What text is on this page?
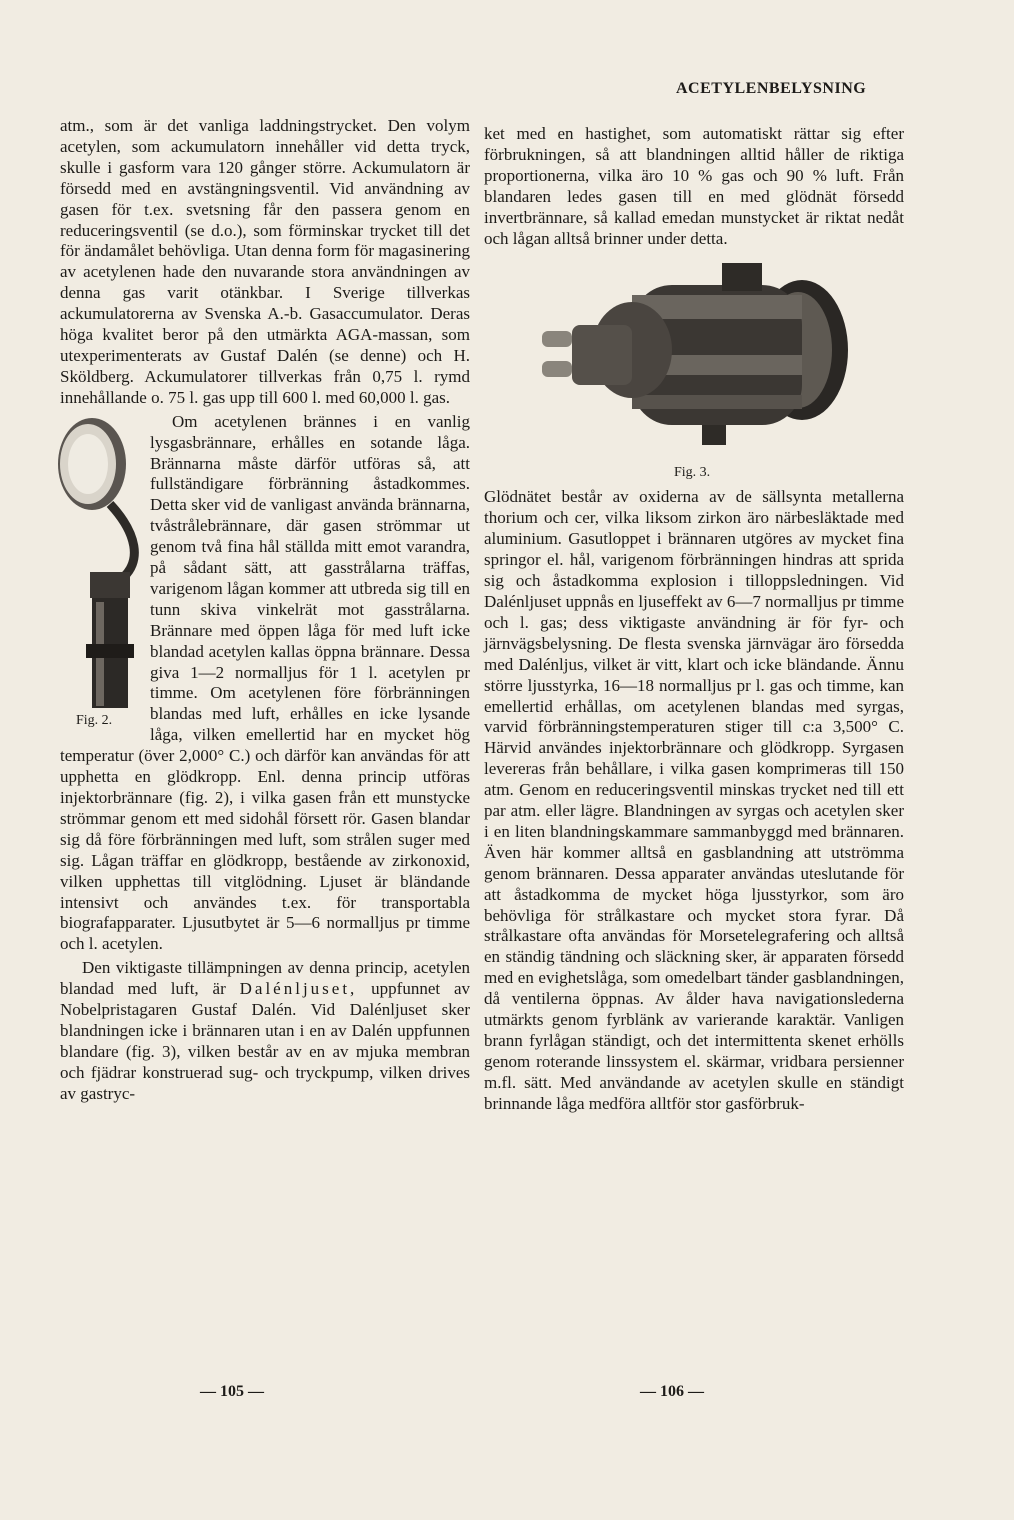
ACETYLENBELYSNING

atm., som är det vanliga laddningstrycket. Den volym acetylen, som ackumulatorn innehåller vid detta tryck, skulle i gasform vara 120 gånger större. Ackumulatorn är försedd med en avstängningsventil. Vid användning av gasen för t.ex. svetsning får den passera genom en reduceringsventil (se d.o.), som förminskar trycket till det för ändamålet behövliga. Utan denna form för magasinering av acetylenen hade den nuvarande stora användningen av denna gas varit otänkbar. I Sverige tillverkas ackumulatorerna av Svenska A.-b. Gasaccumulator. Deras höga kvalitet beror på den utmärkta AGA-massan, som utexperimenterats av Gustaf Dalén (se denne) och H. Sköldberg. Ackumulatorer tillverkas från 0,75 l. rymd innehållande o. 75 l. gas upp till 600 l. med 60,000 l. gas.

Fig. 2.
Om acetylenen brännes i en vanlig lysgasbrännare, erhålles en sotande låga. Brännarna måste därför utföras så, att fullständigare förbränning åstadkommes. Detta sker vid de vanligast använda brännarna, tvåstrålebrännare, där gasen strömmar ut genom två fina hål ställda mitt emot varandra, på sådant sätt, att gasstrålarna träffas, varigenom lågan kommer att utbreda sig till en tunn skiva vinkelrät mot gasstrålarna. Brännare med öppen låga för med luft icke blandad acetylen kallas öppna brännare. Dessa giva 1—2 normalljus för 1 l. acetylen pr timme. Om acetylenen före förbränningen blandas med luft, erhålles en icke lysande låga, vilken emellertid har en mycket hög temperatur (över 2,000° C.) och därför kan användas för att upphetta en glödkropp. Enl. denna princip utföras injektorbrännare (fig. 2), i vilka gasen från ett munstycke strömmar genom ett med sidohål försett rör. Gasen blandar sig då före förbränningen med luft, som strålen suger med sig. Lågan träffar en glödkropp, bestående av zirkonoxid, vilken upphettas till vitglödning. Ljuset är bländande intensivt och användes t.ex. för transportabla biografapparater. Ljusutbytet är 5—6 normalljus pr timme och l. acetylen.

Den viktigaste tillämpningen av denna princip, acetylen blandad med luft, är Dalénljuset, uppfunnet av Nobelpristagaren Gustaf Dalén. Vid Dalénljuset sker blandningen icke i brännaren utan i en av Dalén uppfunnen blandare (fig. 3), vilken består av en av mjuka membran och fjädrar konstruerad sug- och tryckpump, vilken drives av gastryc-

ket med en hastighet, som automatiskt rättar sig efter förbrukningen, så att blandningen alltid håller de riktiga proportionerna, vilka äro 10 % gas och 90 % luft. Från blandaren ledes gasen till en med glödnät försedd invertbrännare, så kallad emedan munstycket är riktat nedåt och lågan alltså brinner under detta.

Fig. 3.

Glödnätet består av oxiderna av de sällsynta metallerna thorium och cer, vilka liksom zirkon äro närbesläktade med aluminium. Gasutloppet i brännaren utgöres av mycket fina springor el. hål, varigenom förbränningen hindras att sprida sig och åstadkomma explosion i tilloppsledningen. Vid Dalénljuset uppnås en ljuseffekt av 6—7 normalljus pr timme och l. gas; dess viktigaste användning är för fyr- och järnvägsbelysning. De flesta svenska järnvägar äro försedda med Dalénljus, vilket är vitt, klart och icke bländande. Ännu större ljusstyrka, 16—18 normalljus pr l. gas och timme, kan emellertid erhållas, om acetylenen blandas med syrgas, varvid förbränningstemperaturen stiger till c:a 3,500° C. Härvid användes injektorbrännare och glödkropp. Syrgasen levereras från behållare, i vilka gasen komprimeras till 150 atm. Genom en reduceringsventil minskas trycket ned till ett par atm. eller lägre. Blandningen av syrgas och acetylen sker i en liten blandningskammare sammanbyggd med brännaren. Även här kommer alltså en gasblandning att utströmma genom brännaren. Dessa apparater användas uteslutande för att åstadkomma de mycket höga ljusstyrkor, som äro behövliga för strålkastare och mycket stora fyrar. Då strålkastare ofta användas för Morsetelegrafering och alltså en ständig tändning och släckning sker, är apparaten försedd med en evighetslåga, som omedelbart tänder gasblandningen, då ventilerna öppnas. Av ålder hava navigationslederna utmärkts genom fyrblänk av varierande karaktär. Vanligen brann fyrlågan ständigt, och det intermittenta skenet erhölls genom roterande linssystem el. skärmar, vridbara persienner m.fl. sätt. Med användande av acetylen skulle en ständigt brinnande låga medföra alltför stor gasförbruk-

— 105 —	— 106 —
